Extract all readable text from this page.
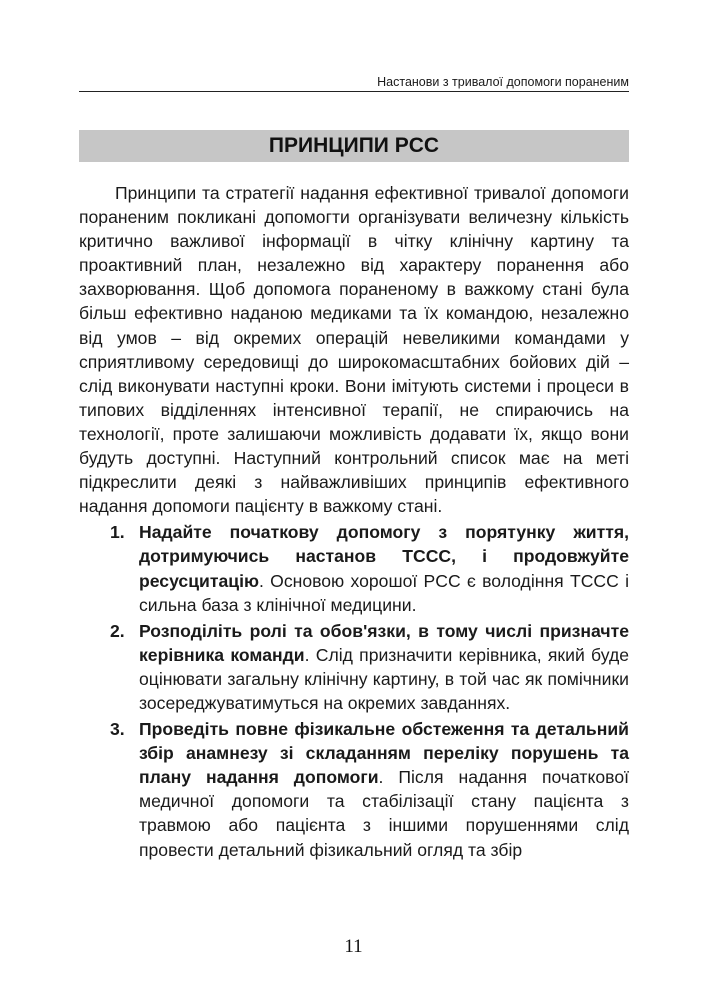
Настанови з тривалої допомоги пораненим
ПРИНЦИПИ PCC

Принципи та стратегії надання ефективної тривалої допомоги пораненим покликані допомогти організувати величезну кількість критично важливої інформації в чітку клінічну картину та проактивний план, незалежно від характеру поранення або захворювання. Щоб допомога пораненому в важкому стані була більш ефективно наданою медиками та їх командою, незалежно від умов – від окремих операцій невеликими командами у сприятливому середовищі до широкомасштабних бойових дій – слід виконувати наступні кроки. Вони імітують системи і процеси в типових відділеннях інтенсивної терапії, не спираючись на технології, проте залишаючи можливість додавати їх, якщо вони будуть доступні. Наступний контрольний список має на меті підкреслити деякі з найважливіших принципів ефективного надання допомоги пацієнту в важкому стані.

1. Надайте початкову допомогу з порятунку життя, дотримуючись настанов TCCC, і продовжуйте ресусцитацію. Основою хорошої PCC є володіння TCCC і сильна база з клінічної медицини.
2. Розподіліть ролі та обов'язки, в тому числі призначте керівника команди. Слід призначити керівника, який буде оцінювати загальну клінічну картину, в той час як помічники зосереджуватимуться на окремих завданнях.
3. Проведіть повне фізикальне обстеження та детальний збір анамнезу зі складанням переліку порушень та плану надання допомоги. Після надання початкової медичної допомоги та стабілізації стану пацієнта з травмою або пацієнта з іншими порушеннями слід провести детальний фізикальний огляд та збір
11
